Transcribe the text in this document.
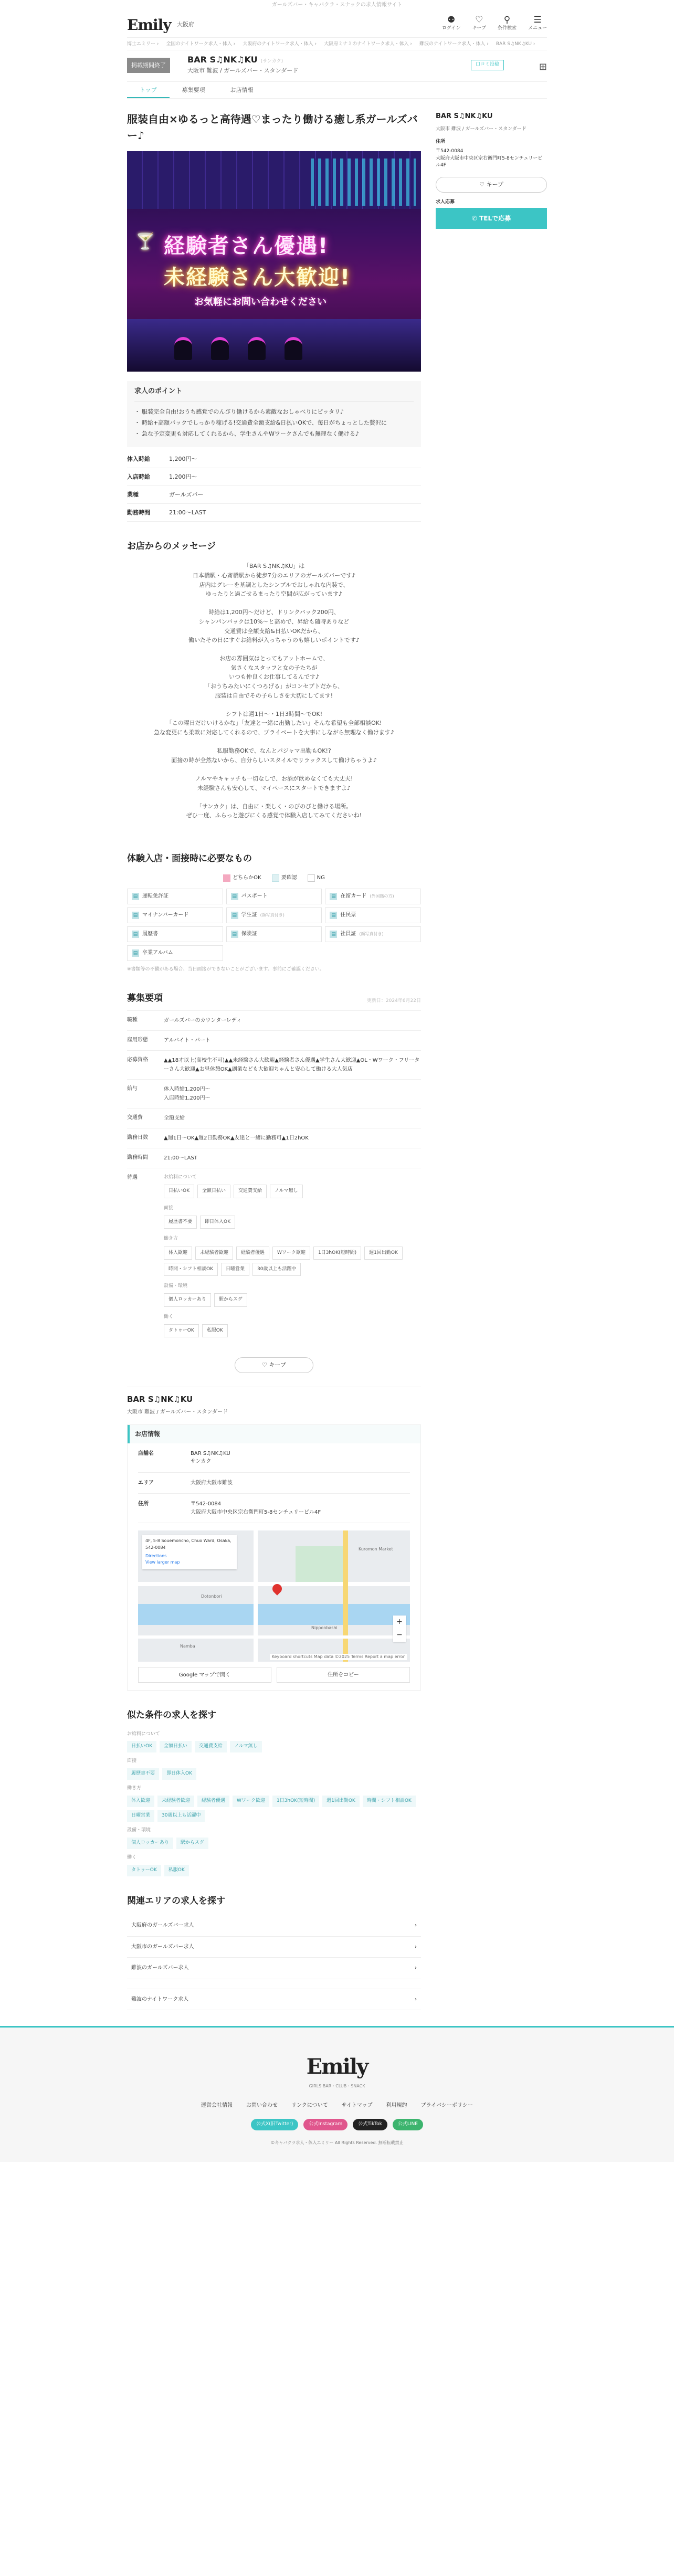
ガールズバー・キャバクラ・スナックの求人情報サイト
Emily 大阪府	⚉
ログイン
♡
キープ
⚲
条件検索
☰
メニュー
博士エミリー › 全国のナイトワーク求人・体入 › 大阪府のナイトワーク求人・体入 › 大阪府ミナミのナイトワーク求人・体入 › 難波のナイトワーク求人・体入 › BAR S♫NK♫KU ›
掲載期間終了
BAR S♫NK♫KU (サンカク)
大阪市 難波 / ガールズバー・スタンダード
口コミ投稿	⊞
トップ	募集要項	お店情報
服装自由×ゆるっと高待遇♡まったり働ける癒し系ガールズバー♪
🍸 経験者さん優遇!
未経験さん大歓迎!
お気軽にお問い合わせください
求人のポイント
・ 服装完全自由!おうち感覚でのんびり働けるから素敵なおしゃべりにピッタリ♪
・ 時給+高額バックでしっかり稼げる!交通費全額支給&日払いOKで、毎日がちょっとした贅沢に
・ 急な予定変更も対応してくれるから、学生さんやWワークさんでも無理なく働ける♪
体入時給	1,200円〜
入店時給	1,200円〜
業種	ガールズバー
勤務時間	21:00〜LAST
お店からのメッセージ
「BAR S♫NK♫KU」は
日本橋駅・心斎橋駅から徒歩7分のエリアのガールズバーです♪
店内はグレーを基調としたシンプルでおしゃれな内装で、
ゆったりと過ごせるまったり空間が広がっています♪

時給は1,200円〜だけど、ドリンクバック200円、
シャンパンバックは10%〜と高めで、昇給も随時ありなど
交通費は全額支給&日払いOKだから、
働いたその日にすぐお給料が入っちゃうのも嬉しいポイントです♪

お店の雰囲気はとってもアットホームで、
気さくなスタッフと女の子たちが
いつも仲良くお仕事してるんです♪
「おうちみたいにくつろげる」がコンセプトだから、
服装は自由でその子らしさを大切にしてます!

シフトは週1日〜・1日3時間〜でOK!
「この曜日だけいけるかな」「友達と一緒に出勤したい」そんな希望も全部相談OK!
急な変更にも柔軟に対応してくれるので、プライベートを大事にしながら無理なく働けます♪

私服勤務OKで、なんとパジャマ出勤もOK!?
面接の時が全然ないから、自分らしいスタイルでリラックスして働けちゃうよ♪

ノルマやキャッチも一切なしで、お酒が飲めなくても大丈夫!
未経験さんも安心して、マイペースにスタートできますよ♪

「サンカク」は、自由に・楽しく・のびのびと働ける場所。
ぜひ一度、ふらっと遊びにくる感覚で体験入店してみてくださいね!
体験入店・面接時に必要なもの
どちらかOK	要確認	NG
▤ 運転免許証	▤ パスポート	▤ 在留カード (外国籍の方)
▤ マイナンバーカード	▤ 学生証 (顔写真付き)	▤ 住民票
▤ 履歴書	▤ 保険証	▤ 社員証 (顔写真付き)
▤ 卒業アルバム
※書類等の不備がある場合、当日面接ができないことがございます。事前にご確認ください。
募集要項	更新日：2024年6月22日
職種	ガールズバーのカウンターレディ
雇用形態	アルバイト・パート
応募資格	▲▲18才以上(高校生不可)▲▲未経験さん大歓迎▲経験者さん優遇▲学生さん大歓迎▲OL・Wワーク・フリーターさん大歓迎▲お昼休憩OK▲副業なども大歓迎ちゃんと安心して働ける大人気店
給与	体入時給1,200円〜
入店時給1,200円〜
交通費	全額支給
勤務日数	▲週1日〜OK▲週2日勤務OK▲友達と一緒に勤務可▲1日2hOK
勤務時間	21:00〜LAST
待遇	お給料について
日払いOK	全額日払い	交通費支給	ノルマ無し
面接
履歴書不要	即日体入OK
働き方
体入歓迎	未経験者歓迎	経験者優遇	Wワーク歓迎	1日3hOK(短時間)	週1回出勤OK
時間・シフト相談OK	日曜営業	30歳以上も活躍中
設備・環境
個人ロッカーあり	駅からスグ
働く
タトゥーOK	私服OK
♡ キープ
BAR S♫NK♫KU
大阪市 難波 / ガールズバー・スタンダード
お店情報
店舗名	BAR S♫NK♫KU
サンカク
エリア	大阪府大阪市難波
住所	〒542-0084
大阪府大阪市中央区宗右衛門町5-8センチュリービル4F
Dotonbori
Namba
Nipponbashi
Kuromon Market
4F, 5-8 Souemoncho, Chuo Ward, Osaka, 542-0084
Directions
View larger map
+
−
Keyboard shortcuts Map data ©2025 Terms Report a map error
Google マップで開く	住所をコピー
似た条件の求人を探す
お給料について
日払いOK	全額日払い	交通費支給	ノルマ無し
面接
履歴書不要	即日体入OK
働き方
体入歓迎	未経験者歓迎	経験者優遇	Wワーク歓迎	1日3hOK(短時間)	週1回出勤OK	時間・シフト相談OK
日曜営業	30歳以上も活躍中
設備・環境
個人ロッカーあり	駅からスグ
働く
タトゥーOK	私服OK
関連エリアの求人を探す
大阪府のガールズバー求人	›
大阪市のガールズバー求人	›
難波のガールズバー求人	›
難波のナイトワーク求人	›
BAR S♫NK♫KU
大阪市 難波 / ガールズバー・スタンダード
住所
〒542-0084
大阪府大阪市中央区宗右衛門町5-8センチュリービル4F
♡ キープ
求人応募
✆ TELで応募
Emily
GIRLS BAR・CLUB・SNACK
運営会社情報	お問い合わせ	リンクについて	サイトマップ	利用規約	プライバシーポリシー
公式X(旧Twitter)	公式Instagram	公式TikTok	公式LINE
©キャバクラ求人・体入エミリー All Rights Reserved. 無断転載禁止
